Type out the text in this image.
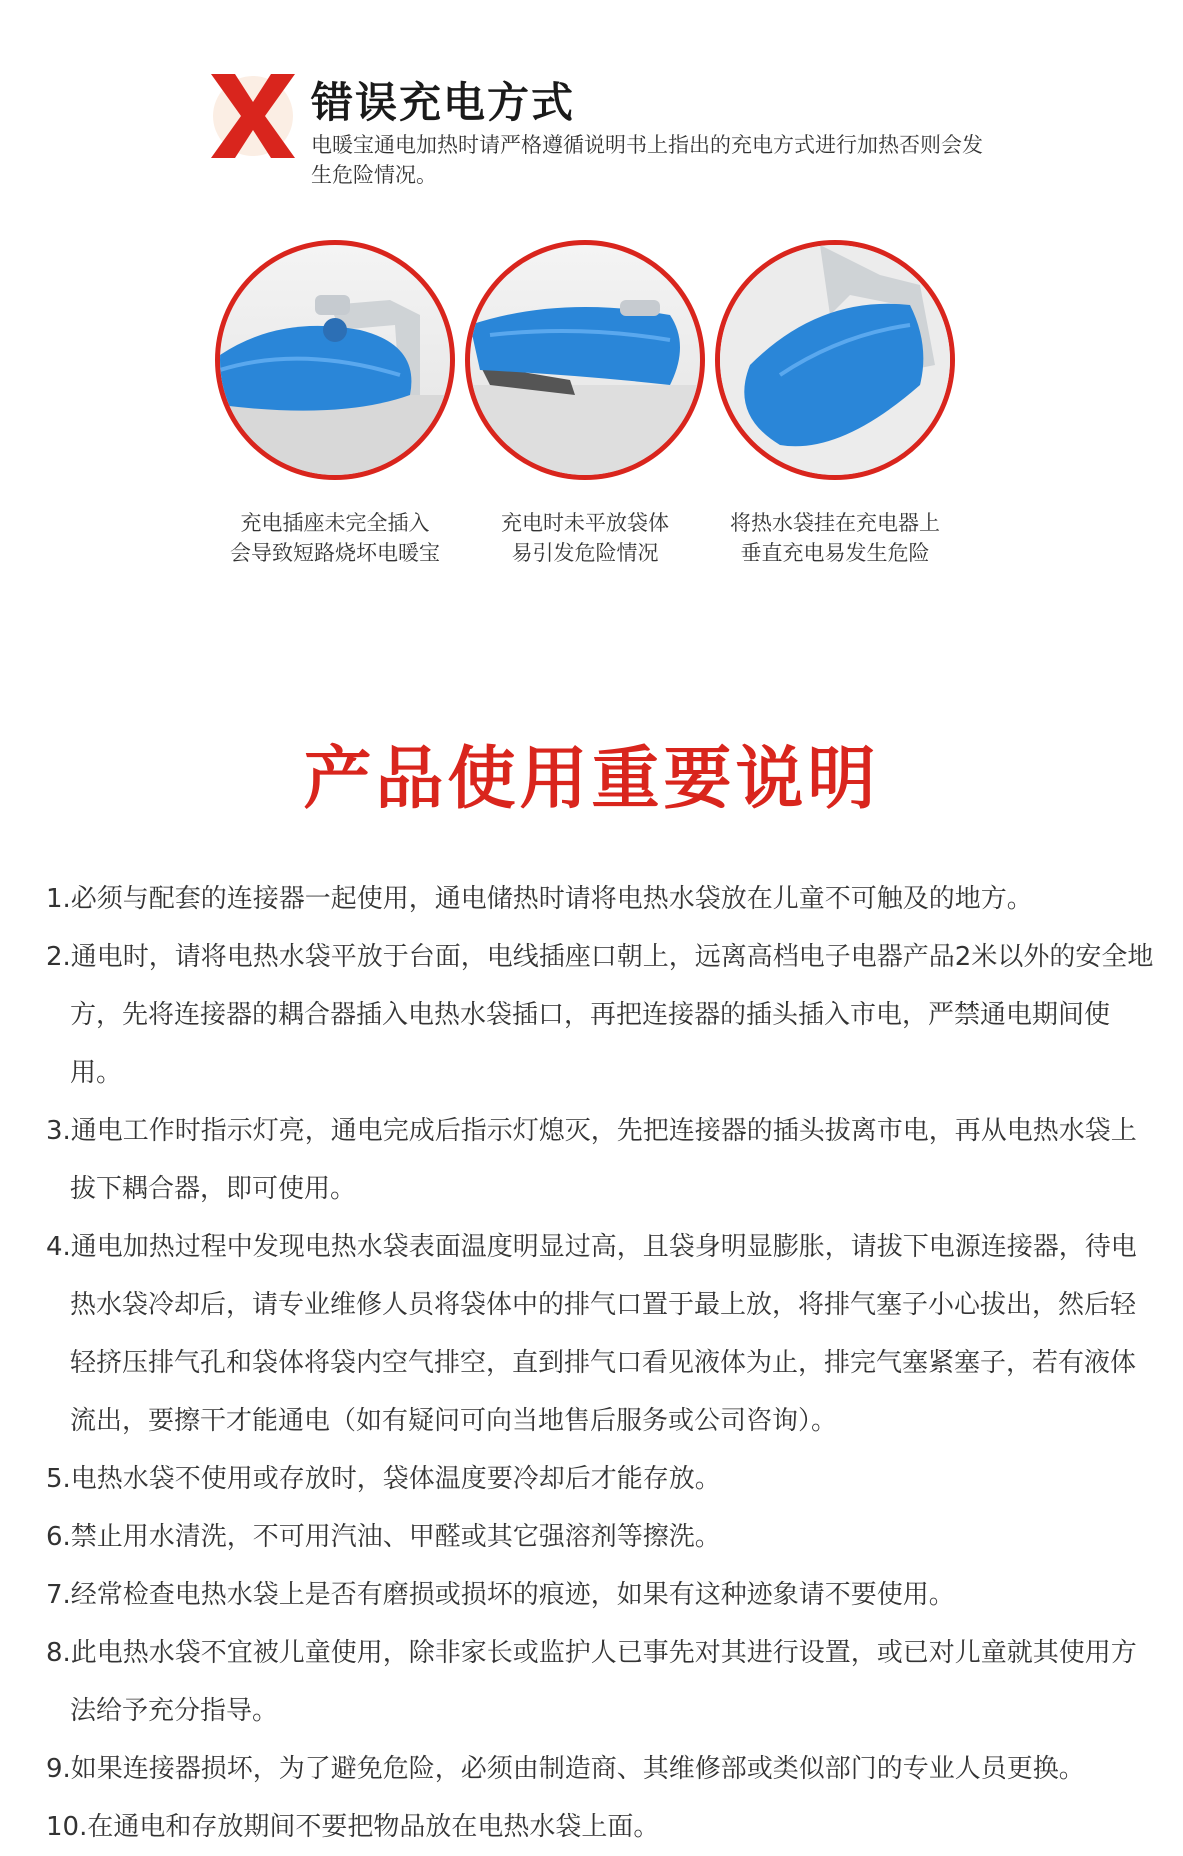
错误充电方式
电暖宝通电加热时请严格遵循说明书上指出的充电方式进行加热否则会发生危险情况。
充电插座未完全插入
会导致短路烧坏电暖宝
充电时未平放袋体
易引发危险情况
将热水袋挂在充电器上
垂直充电易发生危险
产品使用重要说明
1.必须与配套的连接器一起使用，通电储热时请将电热水袋放在儿童不可触及的地方。
2.通电时，请将电热水袋平放于台面，电线插座口朝上，远离高档电子电器产品2米以外的安全地方，先将连接器的耦合器插入电热水袋插口，再把连接器的插头插入市电，严禁通电期间使用。
3.通电工作时指示灯亮，通电完成后指示灯熄灭，先把连接器的插头拔离市电，再从电热水袋上拔下耦合器，即可使用。
4.通电加热过程中发现电热水袋表面温度明显过高，且袋身明显膨胀，请拔下电源连接器，待电热水袋冷却后，请专业维修人员将袋体中的排气口置于最上放，将排气塞子小心拔出，然后轻轻挤压排气孔和袋体将袋内空气排空，直到排气口看见液体为止，排完气塞紧塞子，若有液体流出，要擦干才能通电（如有疑问可向当地售后服务或公司咨询）。
5.电热水袋不使用或存放时，袋体温度要冷却后才能存放。
6.禁止用水清洗，不可用汽油、甲醛或其它强溶剂等擦洗。
7.经常检查电热水袋上是否有磨损或损坏的痕迹，如果有这种迹象请不要使用。
8.此电热水袋不宜被儿童使用，除非家长或监护人已事先对其进行设置，或已对儿童就其使用方法给予充分指导。
9.如果连接器损坏，为了避免危险，必须由制造商、其维修部或类似部门的专业人员更换。
10.在通电和存放期间不要把物品放在电热水袋上面。
